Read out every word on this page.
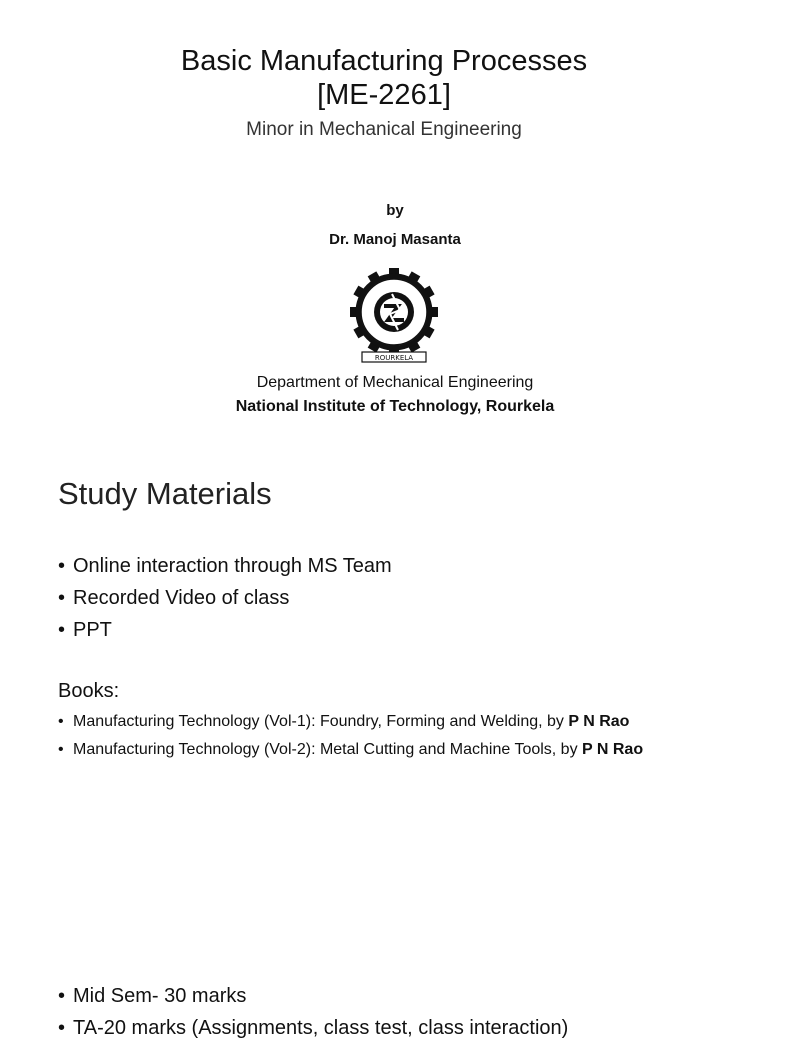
Basic Manufacturing Processes
[ME-2261]
Minor in Mechanical Engineering
by
Dr. Manoj Masanta
ROURKELA
Department of Mechanical Engineering
National Institute of Technology, Rourkela
Study Materials
• Online interaction through MS Team
• Recorded Video of class
• PPT
Books:
• Manufacturing Technology (Vol-1): Foundry, Forming and Welding, by P N Rao
• Manufacturing Technology (Vol-2): Metal Cutting and Machine Tools, by P N Rao
• Mid Sem- 30 marks
• TA-20 marks (Assignments, class test, class interaction)
